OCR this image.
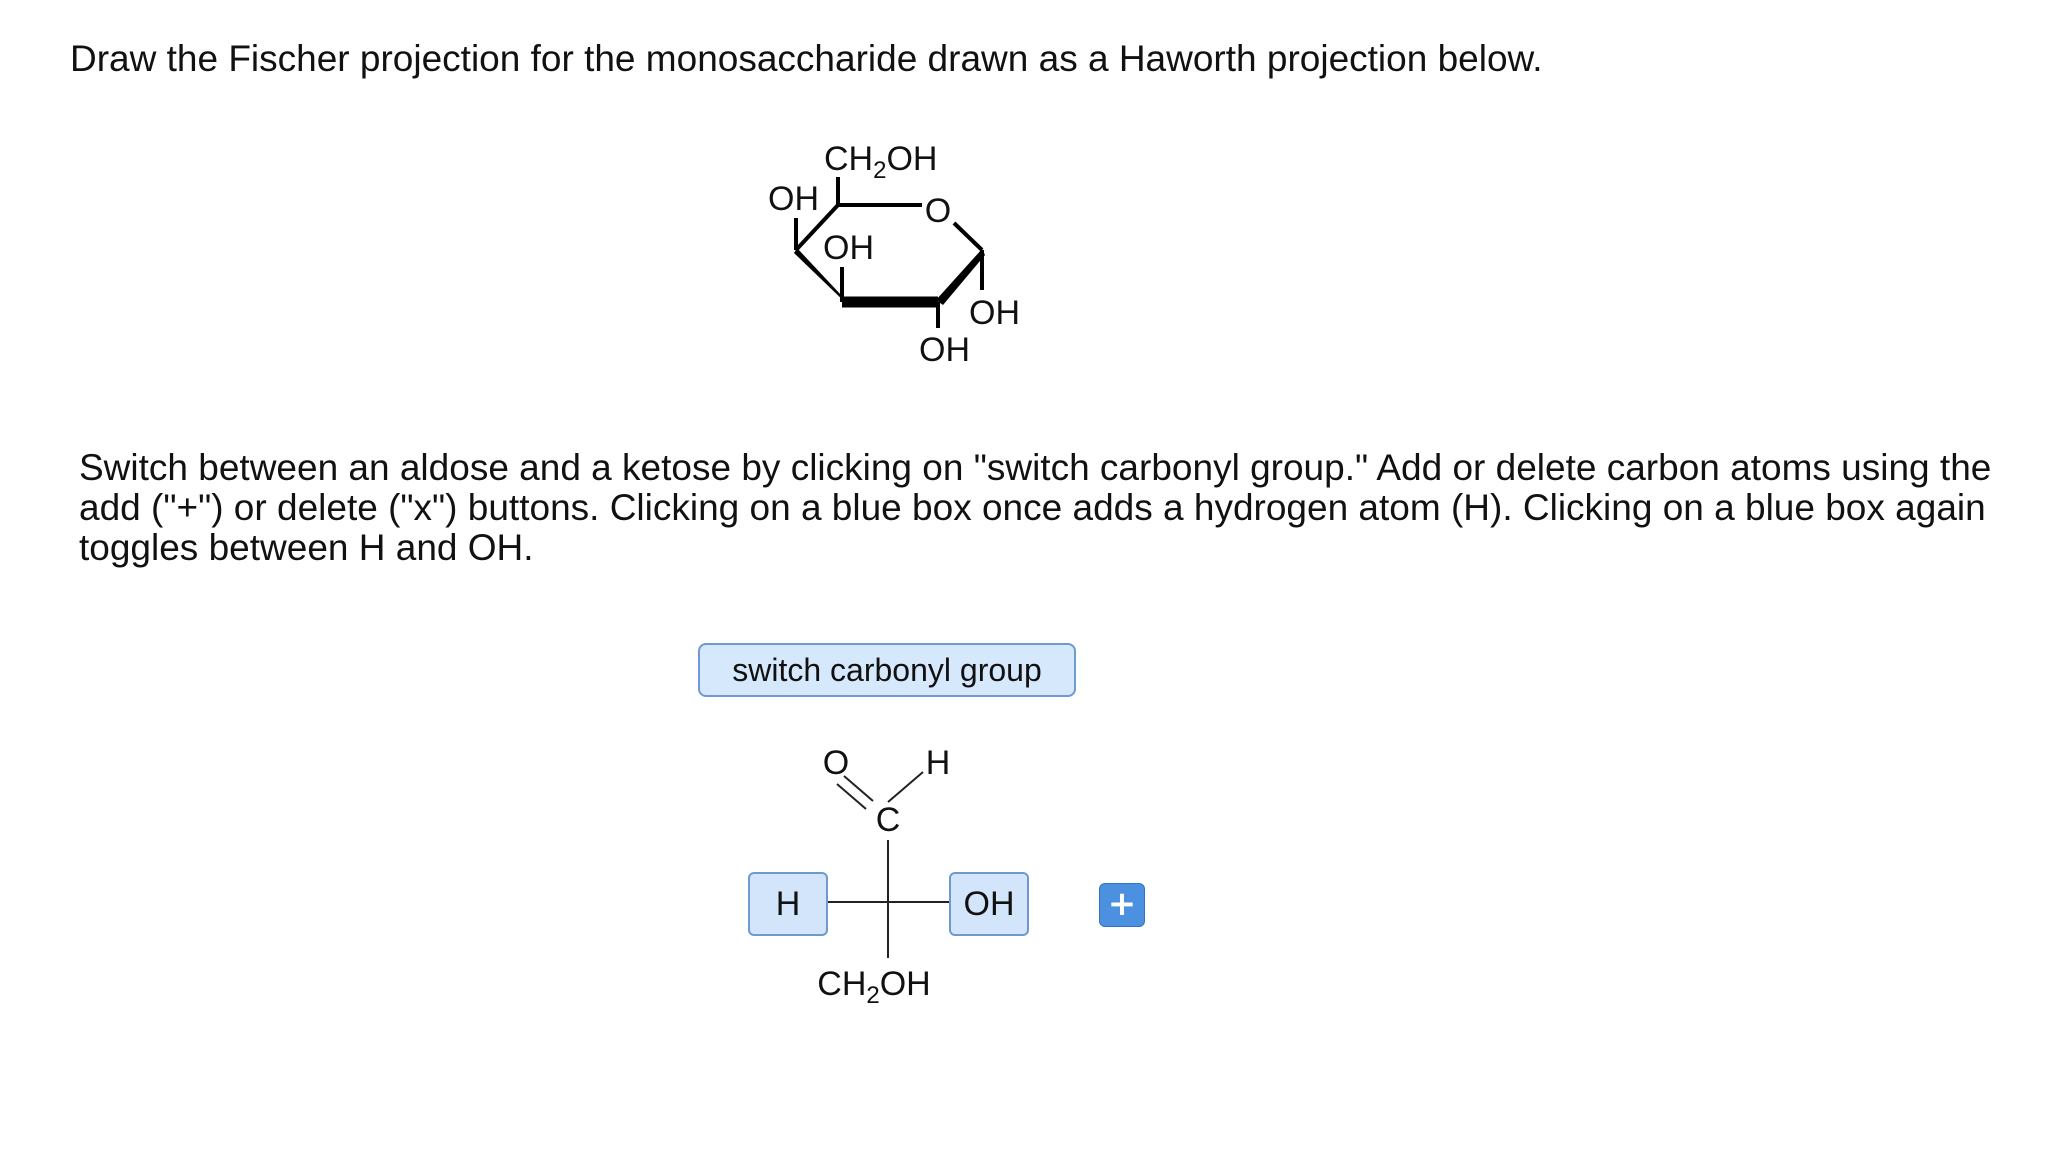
Draw the Fischer projection for the monosaccharide drawn as a Haworth projection below.
$CH_2OH$
O
OH
OH
OH
OH

Switch between an aldose and a ketose by clicking on "switch carbonyl group." Add or delete carbon atoms using the add ("+") or delete ("x") buttons. Clicking on a blue box once adds a hydrogen atom (H). Clicking on a blue box again toggles between H and OH.

switch carbonyl group
O H
C
$CH_2OH$
H	OH	+
